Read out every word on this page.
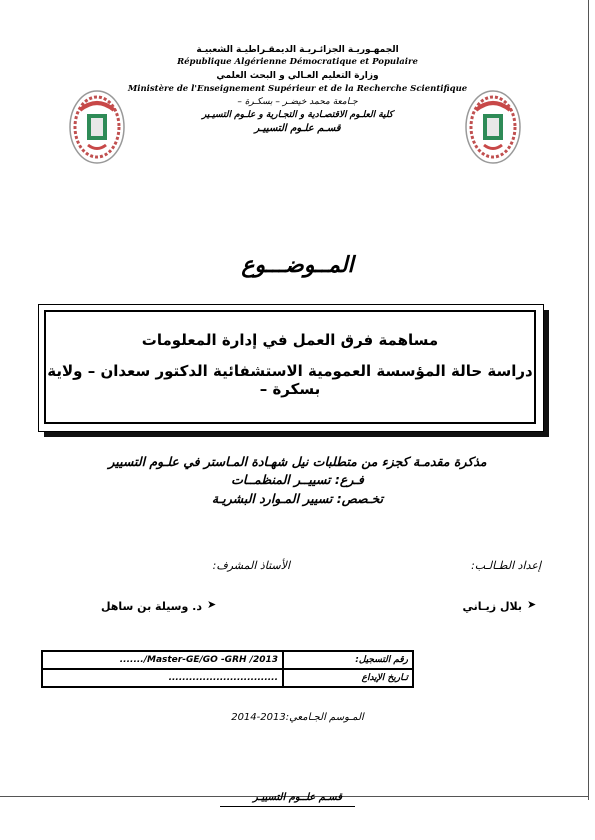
الجمهـوريـة الجزائـريـة الديمقـراطيـة الشعبيـة
République Algérienne Démocratique et Populaire
وزارة التعليم العـالي و البحث العلمي
Ministère de l'Enseignement Supérieur et de la Recherche Scientifique
جـامعة محمد خيضـر – بسكـرة –
كلية العلـوم الاقتصـادية و التجـارية و علـوم التسيـير
قسـم علـوم التسييـر
المــوضـــوع
مساهمة فرق العمل في إدارة المعلومات
دراسة حالة المؤسسة العمومية الاستشفائية الدكتور سعدان – ولاية بسكرة –
مذكرة مقدمـة كجزء من متطلبات نيل شهـادة المـاستر في علـوم التسيير
فـرع: تسييــر المنظمــات
تخـصص: تسيير المـوارد البشريـة
إعداد الطـالـب:
الأستاذ المشرف:
➤
بلال زيـاني
➤
د. وسيلة بن ساهل
......./Master-GE/GO -GRH /2013	رقم التسجيل:
................................	تـاريخ الإيداع
المـوسم الجـامعي:2013-2014
قسـم علــوم التسييـر
